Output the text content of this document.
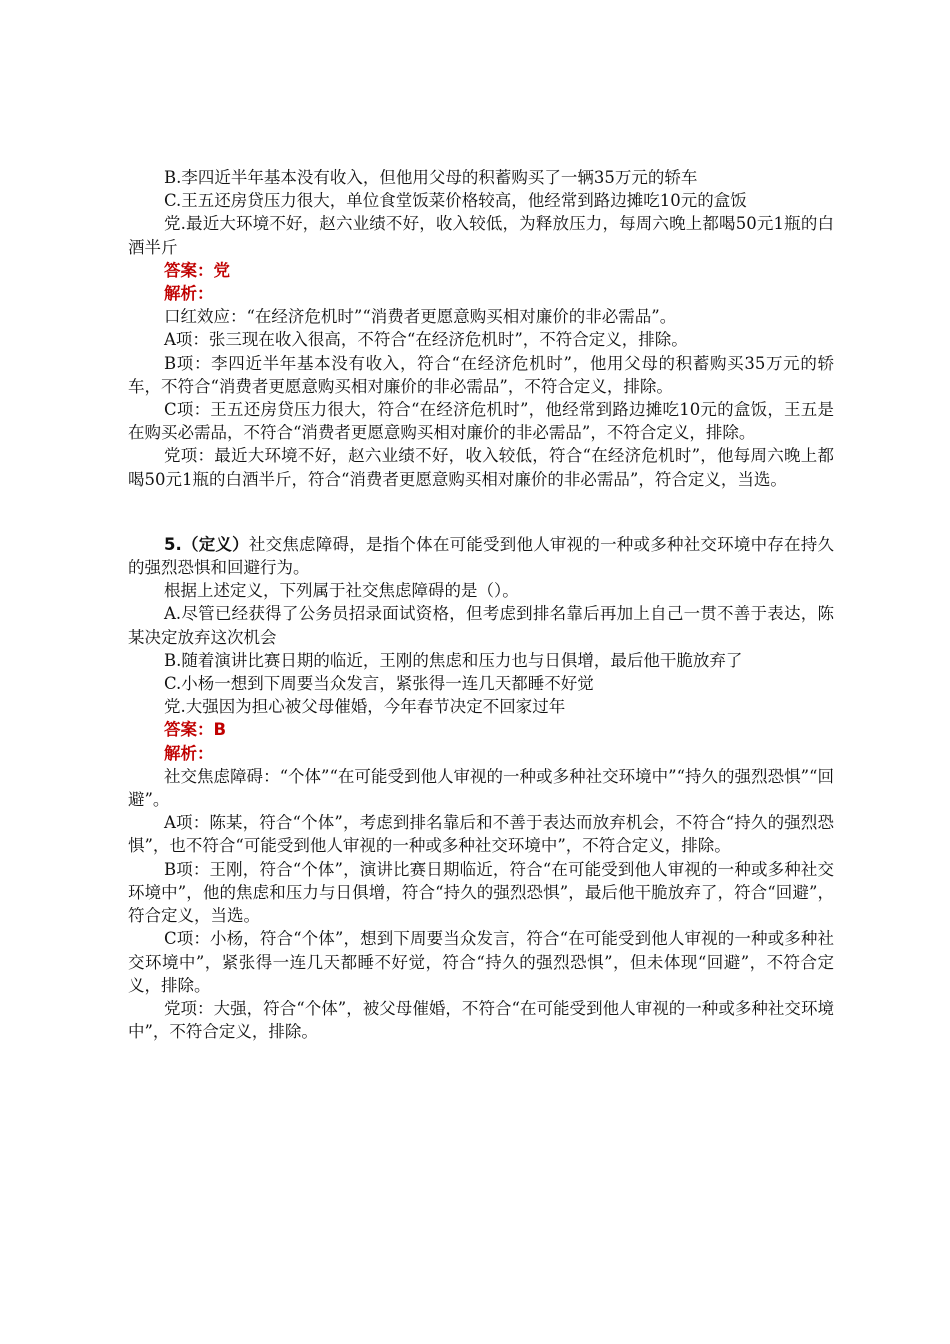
B.李四近半年基本没有收入，但他用父母的积蓄购买了一辆35万元的轿车

C.王五还房贷压力很大，单位食堂饭菜价格较高，他经常到路边摊吃10元的盒饭

党.最近大环境不好，赵六业绩不好，收入较低，为释放压力，每周六晚上都喝50元1瓶的白酒半斤

答案：党

解析：

口红效应：“在经济危机时”“消费者更愿意购买相对廉价的非必需品”。

A项：张三现在收入很高，不符合“在经济危机时”，不符合定义，排除。

B项：李四近半年基本没有收入，符合“在经济危机时”，他用父母的积蓄购买35万元的轿车，不符合“消费者更愿意购买相对廉价的非必需品”，不符合定义，排除。

C项：王五还房贷压力很大，符合“在经济危机时”，他经常到路边摊吃10元的盒饭，王五是在购买必需品，不符合“消费者更愿意购买相对廉价的非必需品”，不符合定义，排除。

党项：最近大环境不好，赵六业绩不好，收入较低，符合“在经济危机时”，他每周六晚上都喝50元1瓶的白酒半斤，符合“消费者更愿意购买相对廉价的非必需品”，符合定义，当选。

5.（定义）社交焦虑障碍，是指个体在可能受到他人审视的一种或多种社交环境中存在持久的强烈恐惧和回避行为。

根据上述定义，下列属于社交焦虑障碍的是（）。

A.尽管已经获得了公务员招录面试资格，但考虑到排名靠后再加上自己一贯不善于表达，陈某决定放弃这次机会

B.随着演讲比赛日期的临近，王刚的焦虑和压力也与日俱增，最后他干脆放弃了

C.小杨一想到下周要当众发言，紧张得一连几天都睡不好觉

党.大强因为担心被父母催婚，今年春节决定不回家过年

答案：B

解析：

社交焦虑障碍：“个体”“在可能受到他人审视的一种或多种社交环境中”“持久的强烈恐惧”“回避”。

A项：陈某，符合“个体”，考虑到排名靠后和不善于表达而放弃机会，不符合“持久的强烈恐惧”，也不符合“可能受到他人审视的一种或多种社交环境中”，不符合定义，排除。

B项：王刚，符合“个体”，演讲比赛日期临近，符合“在可能受到他人审视的一种或多种社交环境中”，他的焦虑和压力与日俱增，符合“持久的强烈恐惧”，最后他干脆放弃了，符合“回避”，符合定义，当选。

C项：小杨，符合“个体”，想到下周要当众发言，符合“在可能受到他人审视的一种或多种社交环境中”，紧张得一连几天都睡不好觉，符合“持久的强烈恐惧”，但未体现“回避”，不符合定义，排除。

党项：大强，符合“个体”，被父母催婚，不符合“在可能受到他人审视的一种或多种社交环境中”，不符合定义，排除。
